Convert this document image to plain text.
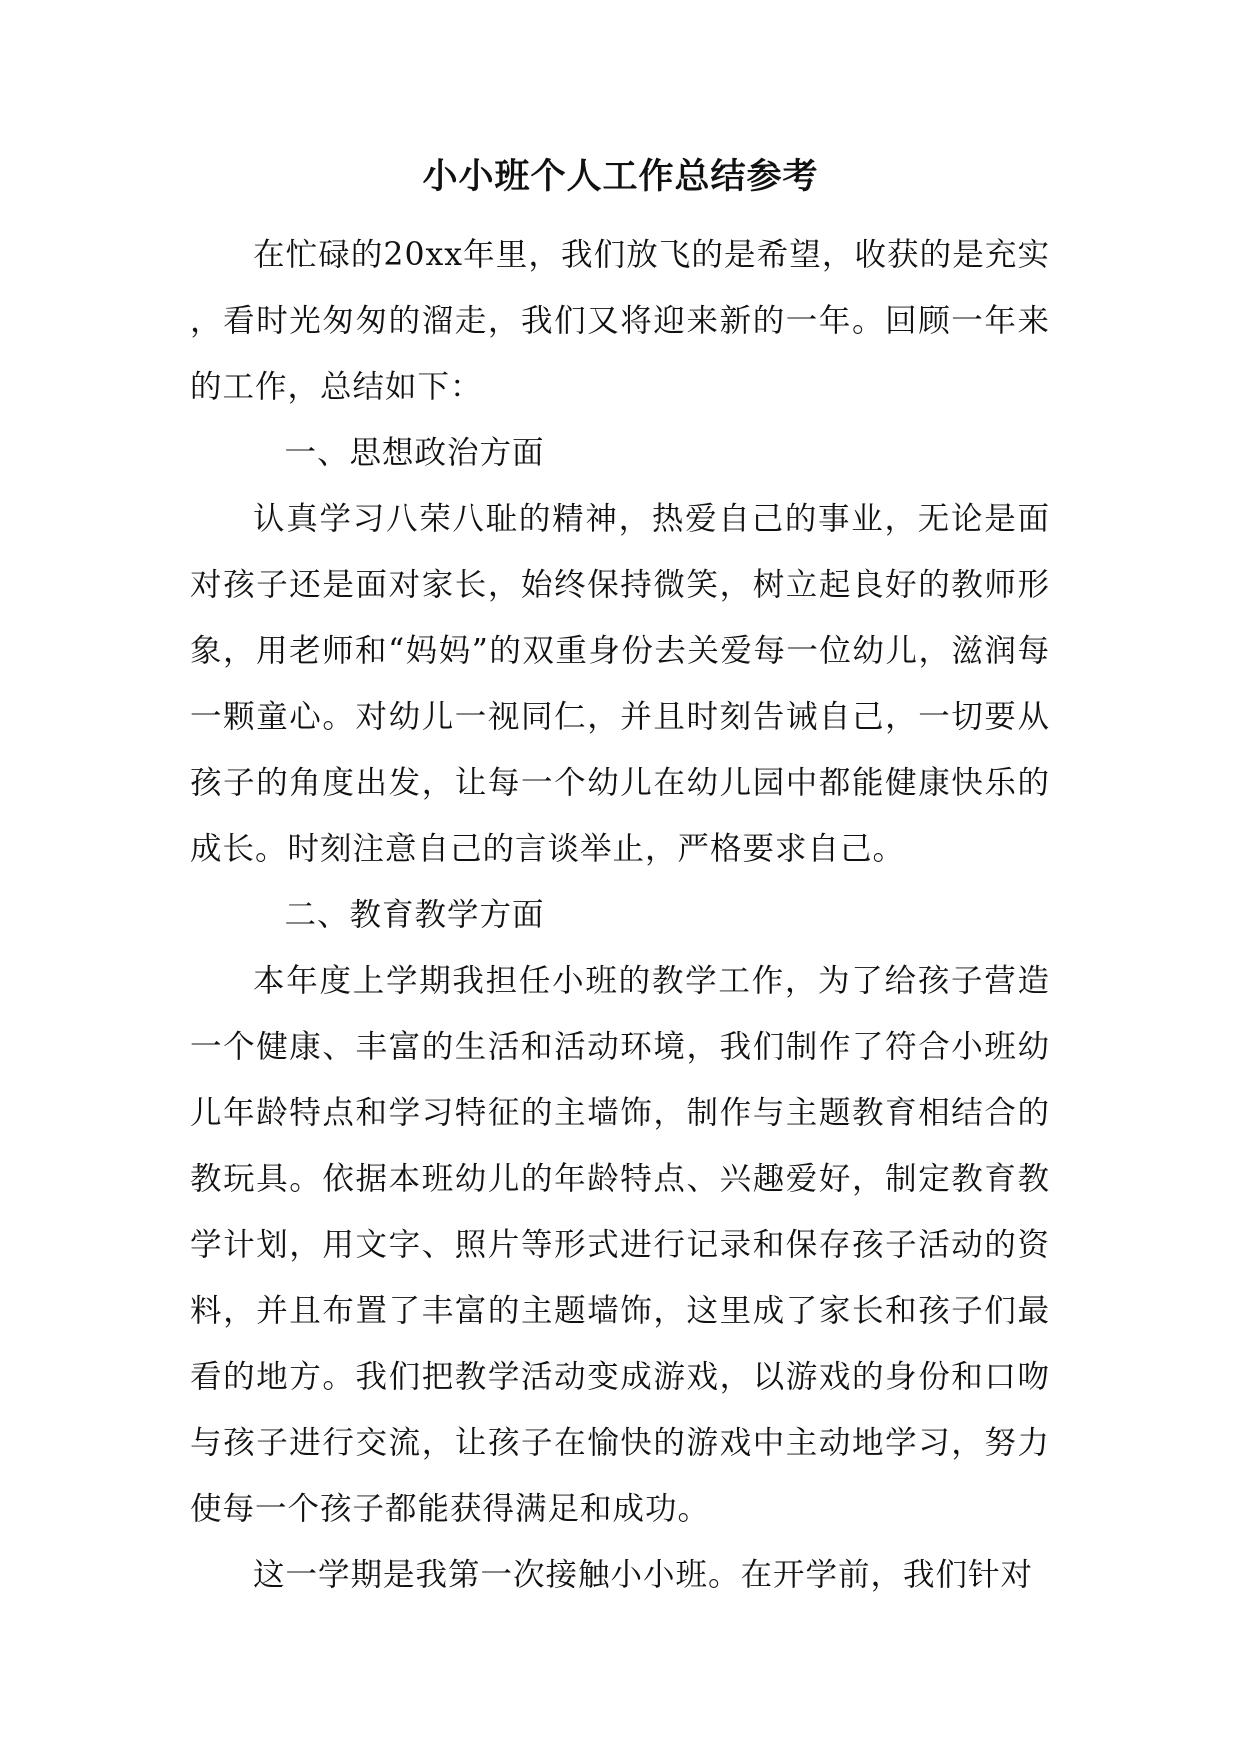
小小班个人工作总结参考

在忙碌的20xx年里，我们放飞的是希望，收获的是充实，看时光匆匆的溜走，我们又将迎来新的一年。回顾一年来的工作，总结如下：

一、思想政治方面

认真学习八荣八耻的精神，热爱自己的事业，无论是面对孩子还是面对家长，始终保持微笑，树立起良好的教师形象，用老师和“妈妈”的双重身份去关爱每一位幼儿，滋润每一颗童心。对幼儿一视同仁，并且时刻告诫自己，一切要从孩子的角度出发，让每一个幼儿在幼儿园中都能健康快乐的成长。时刻注意自己的言谈举止，严格要求自己。

二、教育教学方面

本年度上学期我担任小班的教学工作，为了给孩子营造一个健康、丰富的生活和活动环境，我们制作了符合小班幼儿年龄特点和学习特征的主墙饰，制作与主题教育相结合的教玩具。依据本班幼儿的年龄特点、兴趣爱好，制定教育教学计划，用文字、照片等形式进行记录和保存孩子活动的资料，并且布置了丰富的主题墙饰，这里成了家长和孩子们最看的地方。我们把教学活动变成游戏，以游戏的身份和口吻与孩子进行交流，让孩子在愉快的游戏中主动地学习，努力使每一个孩子都能获得满足和成功。

这一学期是我第一次接触小小班。在开学前，我们针对
